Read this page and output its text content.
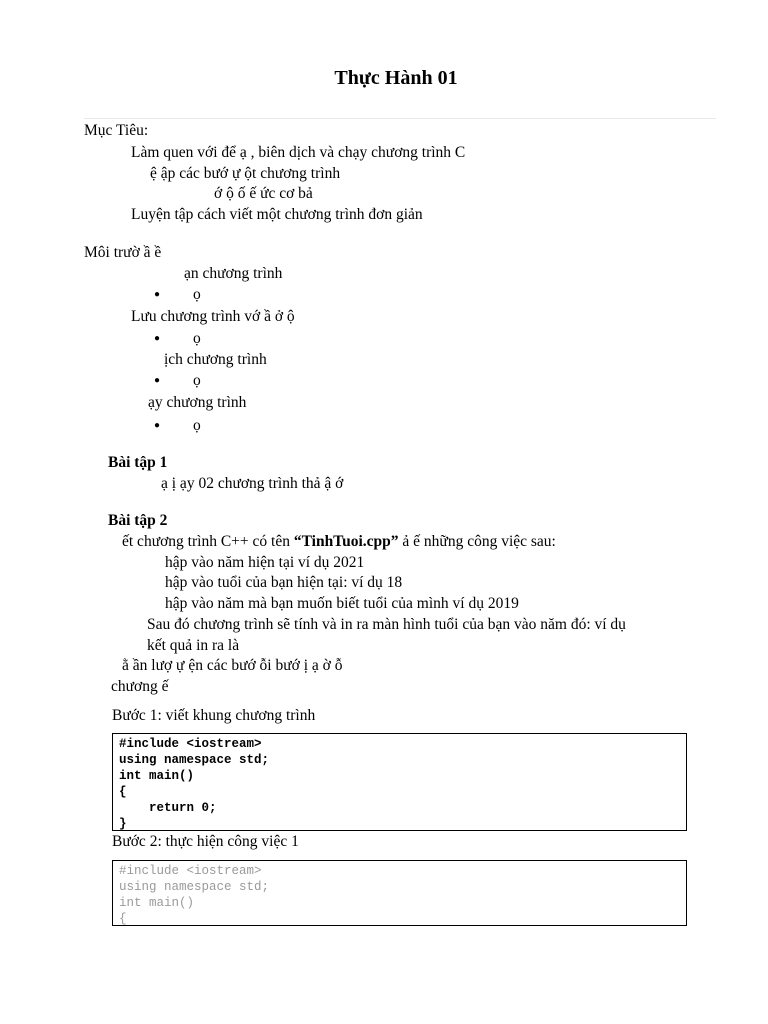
Thực Hành 01
Mục Tiêu:
Làm quen với để ạ , biên dịch và chạy chương trình C
ệ ập các bướ ự ột chương trình
ớ ộ ố ế ức cơ bả
Luyện tập cách viết một chương trình đơn giản
Môi trườ ầ ề
ạn chương trình
● ọ
Lưu chương trình vớ ầ ở ộ
● ọ
ịch chương trình
● ọ
ạy chương trình
● ọ
Bài tập 1
ạ ị ạy 02 chương trình thả ậ ớ
Bài tập 2
ết chương trình C++ có tên “TinhTuoi.cpp” ả ế những công việc sau:
hập vào năm hiện tại ví dụ 2021
hập vào tuổi của bạn hiện tại: ví dụ 18
hập vào năm mà bạn muốn biết tuổi của mình ví dụ 2019
Sau đó chương trình sẽ tính và in ra màn hình tuổi của bạn vào năm đó: ví dụ
kết quả in ra là
ằ ần lượ ự ện các bướ ỗi bướ ị ạ ờ ỗ
chương ế
Bước 1: viết khung chương trình
#include <iostream>
using namespace std;
int main()
{
return 0;
}
Bước 2: thực hiện công việc 1
#include <iostream>
using namespace std;
int main()
{
